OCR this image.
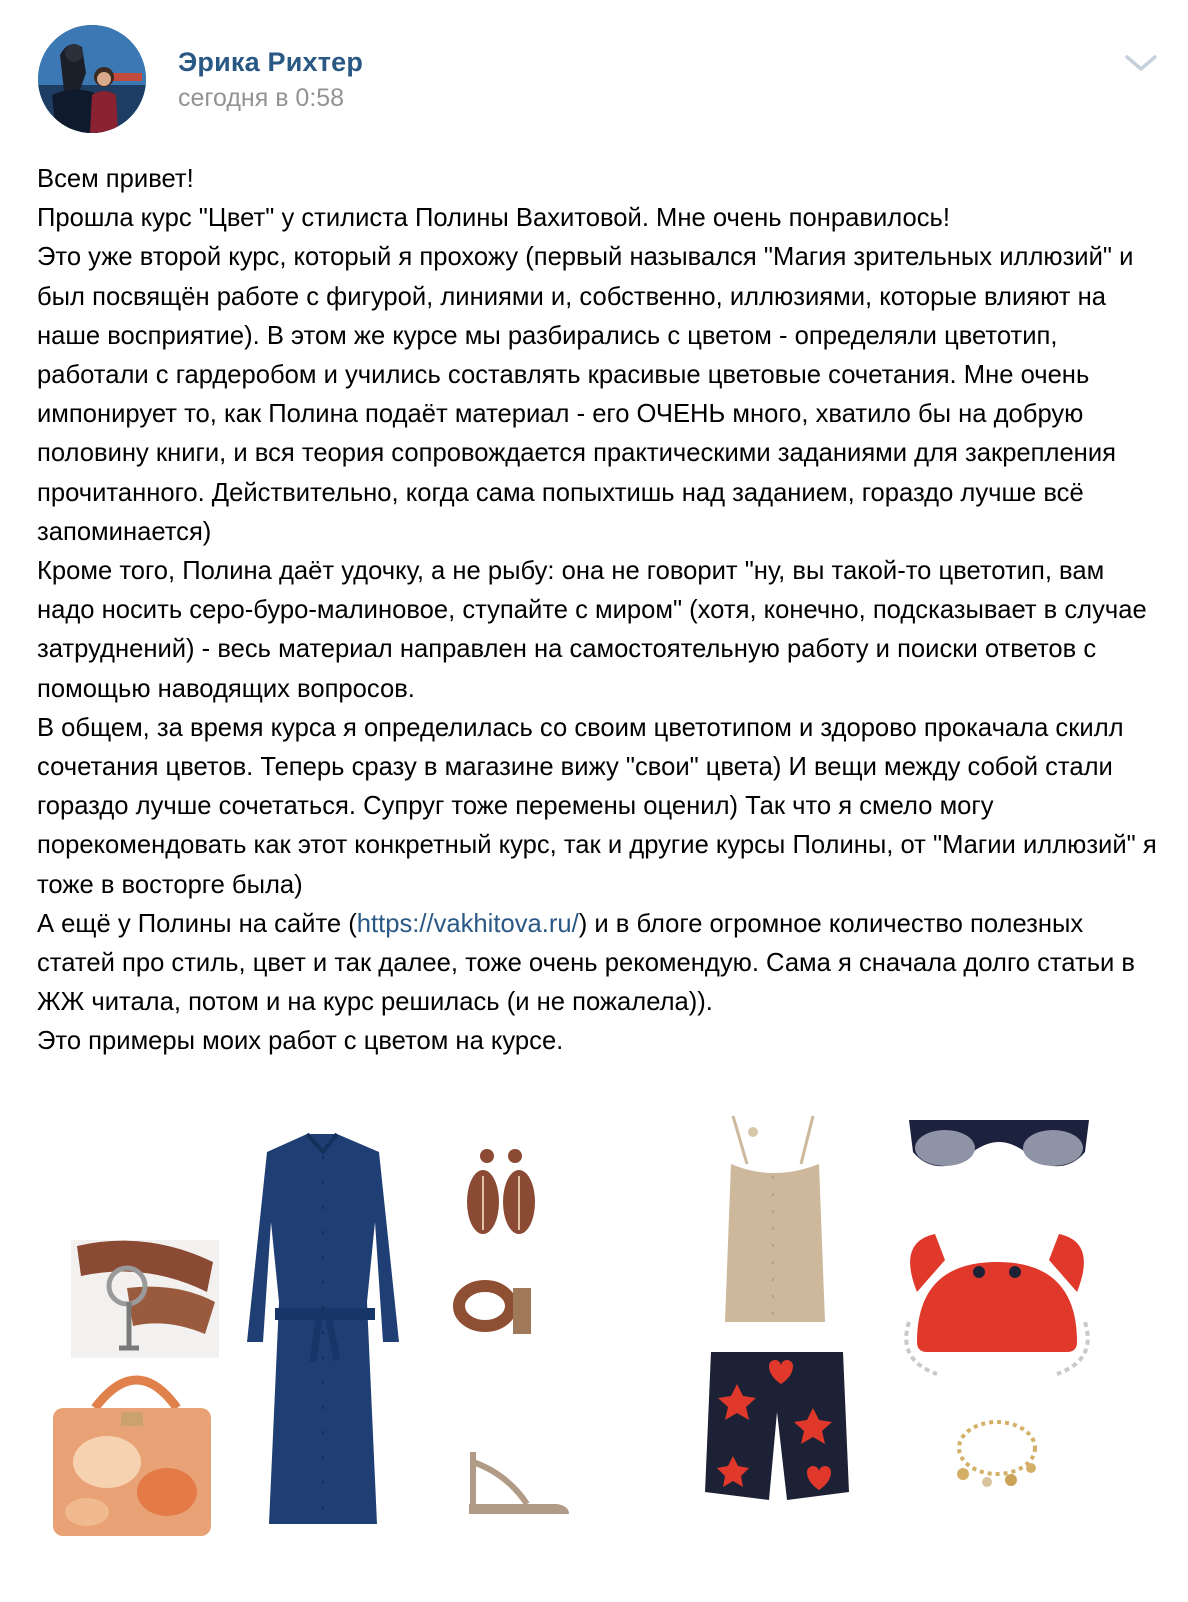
Эрика Рихтер
сегодня в 0:58

Всем привет!
Прошла курс "Цвет" у стилиста Полины Вахитовой. Мне очень понравилось!
Это уже второй курс, который я прохожу (первый назывался "Магия зрительных иллюзий" и был посвящён работе с фигурой, линиями и, собственно, иллюзиями, которые влияют на наше восприятие). В этом же курсе мы разбирались с цветом - определяли цветотип, работали с гардеробом и учились составлять красивые цветовые сочетания. Мне очень импонирует то, как Полина подаёт материал - его ОЧЕНЬ много, хватило бы на добрую половину книги, и вся теория сопровождается практическими заданиями для закрепления прочитанного. Действительно, когда сама попыхтишь над заданием, гораздо лучше всё запоминается)
Кроме того, Полина даёт удочку, а не рыбу: она не говорит "ну, вы такой-то цветотип, вам надо носить серо-буро-малиновое, ступайте с миром" (хотя, конечно, подсказывает в случае затруднений) - весь материал направлен на самостоятельную работу и поиски ответов с помощью наводящих вопросов.
В общем, за время курса я определилась со своим цветотипом и здорово прокачала скилл сочетания цветов. Теперь сразу в магазине вижу "свои" цвета) И вещи между собой стали гораздо лучше сочетаться. Супруг тоже перемены оценил) Так что я смело могу порекомендовать как этот конкретный курс, так и другие курсы Полины, от "Магии иллюзий" я тоже в восторге была)
А ещё у Полины на сайте (https://vakhitova.ru/) и в блоге огромное количество полезных статей про стиль, цвет и так далее, тоже очень рекомендую. Сама я сначала долго статьи в ЖЖ читала, потом и на курс решилась (и не пожалела)).
Это примеры моих работ с цветом на курсе.
